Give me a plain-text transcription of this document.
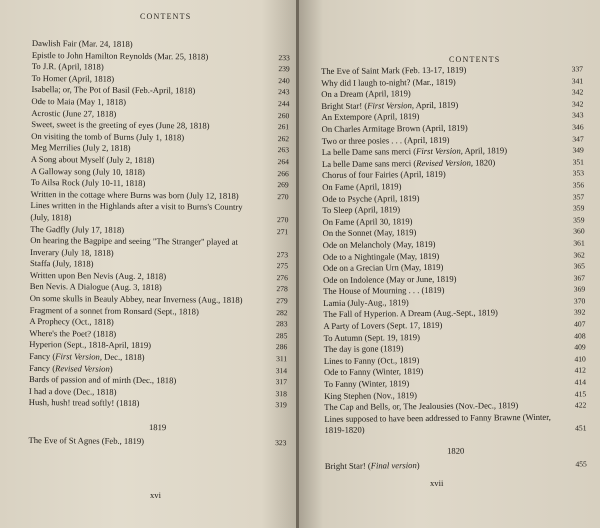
CONTENTS
Dawlish Fair (Mar. 24, 1818)
Epistle to John Hamilton Reynolds (Mar. 25, 1818)	233
To J.R. (April, 1818)	239
To Homer (April, 1818)	240
Isabella; or, The Pot of Basil (Feb.-April, 1818)	243
Ode to Maia (May 1, 1818)	244
Acrostic (June 27, 1818)	260
Sweet, sweet is the greeting of eyes (June 28, 1818)	261
On visiting the tomb of Burns (July 1, 1818)	262
Meg Merrilies (July 2, 1818)	263
A Song about Myself (July 2, 1818)	264
A Galloway song (July 10, 1818)	266
To Ailsa Rock (July 10-11, 1818)	269
Written in the cottage where Burns was born (July 12, 1818)	270
Lines written in the Highlands after a visit to Burns's Country (July, 1818)	270
The Gadfly (July 17, 1818)	271
On hearing the Bagpipe and seeing "The Stranger" played at Inverary (July 18, 1818)	273
Staffa (July, 1818)	275
Written upon Ben Nevis (Aug. 2, 1818)	276
Ben Nevis. A Dialogue (Aug. 3, 1818)	278
On some skulls in Beauly Abbey, near Inverness (Aug., 1818)	279
Fragment of a sonnet from Ronsard (Sept., 1818)	282
A Prophecy (Oct., 1818)	283
Where's the Poet? (1818)	285
Hyperion (Sept., 1818-April, 1819)	286
Fancy (First Version, Dec., 1818)	311
Fancy (Revised Version)	314
Bards of passion and of mirth (Dec., 1818)	317
I had a dove (Dec., 1818)	318
Hush, hush! tread softly! (1818)	319
1819
The Eve of St Agnes (Feb., 1819)	323
xvi
CONTENTS
The Eve of Saint Mark (Feb. 13-17, 1819)	337
Why did I laugh to-night? (Mar., 1819)	341
On a Dream (April, 1819)	342
Bright Star! (First Version, April, 1819)	342
An Extempore (April, 1819)	343
On Charles Armitage Brown (April, 1819)	346
Two or three posies . . . (April, 1819)	347
La belle Dame sans merci (First Version, April, 1819)	349
La belle Dame sans merci (Revised Version, 1820)	351
Chorus of four Fairies (April, 1819)	353
On Fame (April, 1819)	356
Ode to Psyche (April, 1819)	357
To Sleep (April, 1819)	359
On Fame (April 30, 1819)	359
On the Sonnet (May, 1819)	360
Ode on Melancholy (May, 1819)	361
Ode to a Nightingale (May, 1819)	362
Ode on a Grecian Urn (May, 1819)	365
Ode on Indolence (May or June, 1819)	367
The House of Mourning . . . (1819)	369
Lamia (July-Aug., 1819)	370
The Fall of Hyperion. A Dream (Aug.-Sept., 1819)	392
A Party of Lovers (Sept. 17, 1819)	407
To Autumn (Sept. 19, 1819)	408
The day is gone (1819)	409
Lines to Fanny (Oct., 1819)	410
Ode to Fanny (Winter, 1819)	412
To Fanny (Winter, 1819)	414
King Stephen (Nov., 1819)	415
The Cap and Bells, or, The Jealousies (Nov.-Dec., 1819)	422
Lines supposed to have been addressed to Fanny Brawne (Winter, 1819-1820)	451
1820
Bright Star! (Final version)	455
xvii
